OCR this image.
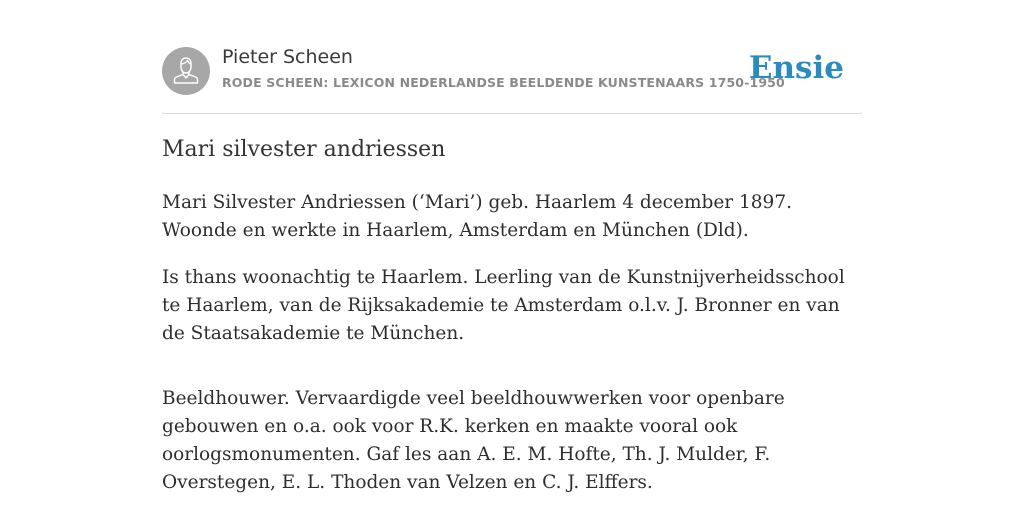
Pieter Scheen
RODE SCHEEN: LEXICON NEDERLANDSE BEELDENDE KUNSTENAARS 1750-1950
Ensie
Mari silvester andriessen

Mari Silvester Andriessen (‘Mari’) geb. Haarlem 4 december 1897. Woonde en werkte in Haarlem, Amsterdam en München (Dld).

Is thans woonachtig te Haarlem. Leerling van de Kunstnijverheidsschool te Haarlem, van de Rijksakademie te Amsterdam o.l.v. J. Bronner en van de Staatsakademie te München.

Beeldhouwer. Vervaardigde veel beeldhouwwerken voor openbare gebouwen en o.a. ook voor R.K. kerken en maakte vooral ook oorlogsmonumenten. Gaf les aan A. E. M. Hofte, Th. J. Mulder, F. Overstegen, E. L. Thoden van Velzen en C. J. Elffers.
